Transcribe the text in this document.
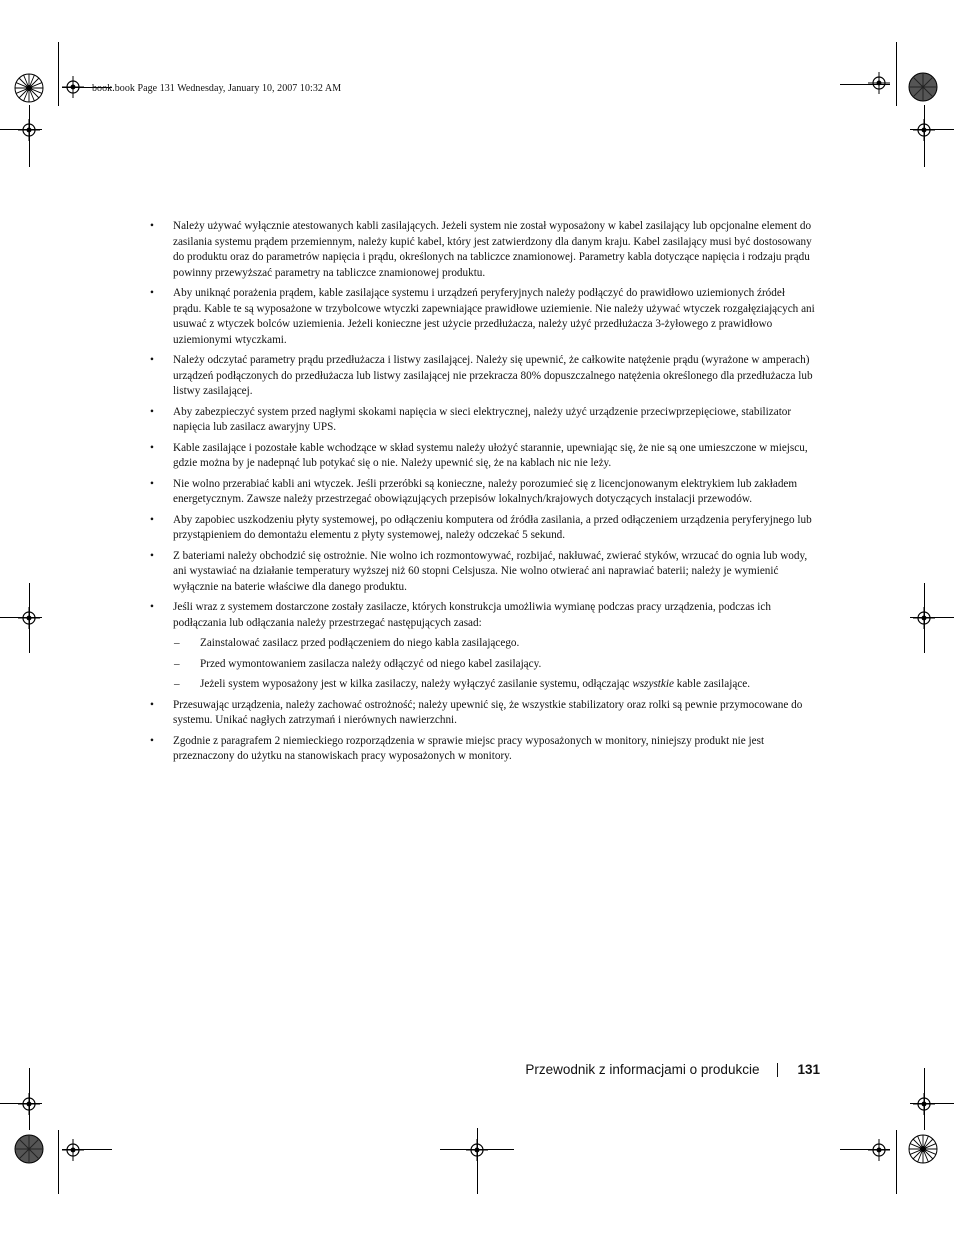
book.book Page 131 Wednesday, January 10, 2007 10:32 AM
• Należy używać wyłącznie atestowanych kabli zasilających. Jeżeli system nie został wyposażony w kabel zasilający lub opcjonalne element do zasilania systemu prądem przemiennym, należy kupić kabel, który jest zatwierdzony dla danym kraju. Kabel zasilający musi być dostosowany do produktu oraz do parametrów napięcia i prądu, określonych na tabliczce znamionowej. Parametry kabla dotyczące napięcia i rodzaju prądu powinny przewyższać parametry na tabliczce znamionowej produktu.
• Aby uniknąć porażenia prądem, kable zasilające systemu i urządzeń peryferyjnych należy podłączyć do prawidłowo uziemionych źródeł prądu. Kable te są wyposażone w trzybolcowe wtyczki zapewniające prawidłowe uziemienie. Nie należy używać wtyczek rozgałęziających ani usuwać z wtyczek bolców uziemienia. Jeżeli konieczne jest użycie przedłużacza, należy użyć przedłużacza 3-żyłowego z prawidłowo uziemionymi wtyczkami.
• Należy odczytać parametry prądu przedłużacza i listwy zasilającej. Należy się upewnić, że całkowite natężenie prądu (wyrażone w amperach) urządzeń podłączonych do przedłużacza lub listwy zasilającej nie przekracza 80% dopuszczalnego natężenia określonego dla przedłużacza lub listwy zasilającej.
• Aby zabezpieczyć system przed nagłymi skokami napięcia w sieci elektrycznej, należy użyć urządzenie przeciwprzepięciowe, stabilizator napięcia lub zasilacz awaryjny UPS.
• Kable zasilające i pozostałe kable wchodzące w skład systemu należy ułożyć starannie, upewniając się, że nie są one umieszczone w miejscu, gdzie można by je nadepnąć lub potykać się o nie. Należy upewnić się, że na kablach nic nie leży.
• Nie wolno przerabiać kabli ani wtyczek. Jeśli przeróbki są konieczne, należy porozumieć się z licencjonowanym elektrykiem lub zakładem energetycznym. Zawsze należy przestrzegać obowiązujących przepisów lokalnych/krajowych dotyczących instalacji przewodów.
• Aby zapobiec uszkodzeniu płyty systemowej, po odłączeniu komputera od źródła zasilania, a przed odłączeniem urządzenia peryferyjnego lub przystąpieniem do demontażu elementu z płyty systemowej, należy odczekać 5 sekund.
• Z bateriami należy obchodzić się ostrożnie. Nie wolno ich rozmontowywać, rozbijać, nakłuwać, zwierać styków, wrzucać do ognia lub wody, ani wystawiać na działanie temperatury wyższej niż 60 stopni Celsjusza. Nie wolno otwierać ani naprawiać baterii; należy je wymienić wyłącznie na baterie właściwe dla danego produktu.
• Jeśli wraz z systemem dostarczone zostały zasilacze, których konstrukcja umożliwia wymianę podczas pracy urządzenia, podczas ich podłączania lub odłączania należy przestrzegać następujących zasad:
– Zainstalować zasilacz przed podłączeniem do niego kabla zasilającego.
– Przed wymontowaniem zasilacza należy odłączyć od niego kabel zasilający.
– Jeżeli system wyposażony jest w kilka zasilaczy, należy wyłączyć zasilanie systemu, odłączając wszystkie kable zasilające.
• Przesuwając urządzenia, należy zachować ostrożność; należy upewnić się, że wszystkie stabilizatory oraz rolki są pewnie przymocowane do systemu. Unikać nagłych zatrzymań i nierównych nawierzchni.
• Zgodnie z paragrafem 2 niemieckiego rozporządzenia w sprawie miejsc pracy wyposażonych w monitory, niniejszy produkt nie jest przeznaczony do użytku na stanowiskach pracy wyposażonych w monitory.
Przewodnik z informacjami o produkcie	131
